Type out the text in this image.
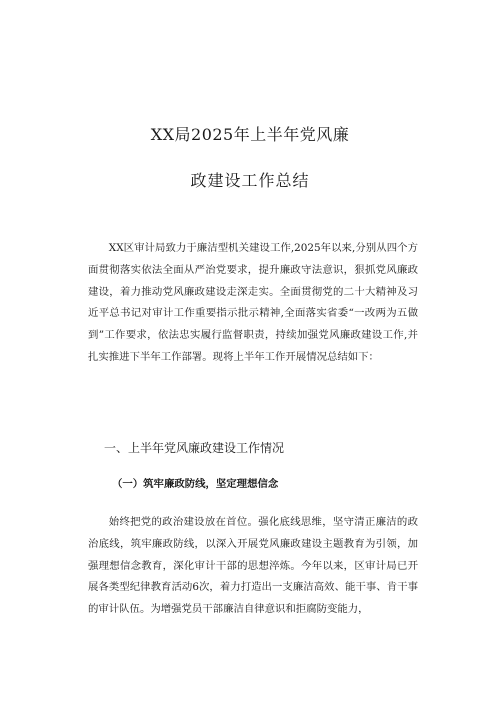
XX局2025年上半年党风廉
政建设工作总结

XX区审计局致力于廉洁型机关建设工作,2025年以来,分别从四个方面贯彻落实依法全面从严治党要求，提升廉政守法意识，狠抓党风廉政建设，着力推动党风廉政建设走深走实。全面贯彻党的二十大精神及习近平总书记对审计工作重要指示批示精神,全面落实省委“一改两为五做到”工作要求，依法忠实履行监督职责，持续加强党风廉政建设工作,并扎实推进下半年工作部署。现将上半年工作开展情况总结如下：

一、上半年党风廉政建设工作情况
（一）筑牢廉政防线，坚定理想信念

始终把党的政治建设放在首位。强化底线思维，坚守清正廉洁的政治底线，筑牢廉政防线，以深入开展党风廉政建设主题教育为引领，加强理想信念教育，深化审计干部的思想淬炼。今年以来，区审计局已开展各类型纪律教育活动6次，着力打造出一支廉洁高效、能干事、肯干事的审计队伍。为增强党员干部廉洁自律意识和拒腐防变能力，
